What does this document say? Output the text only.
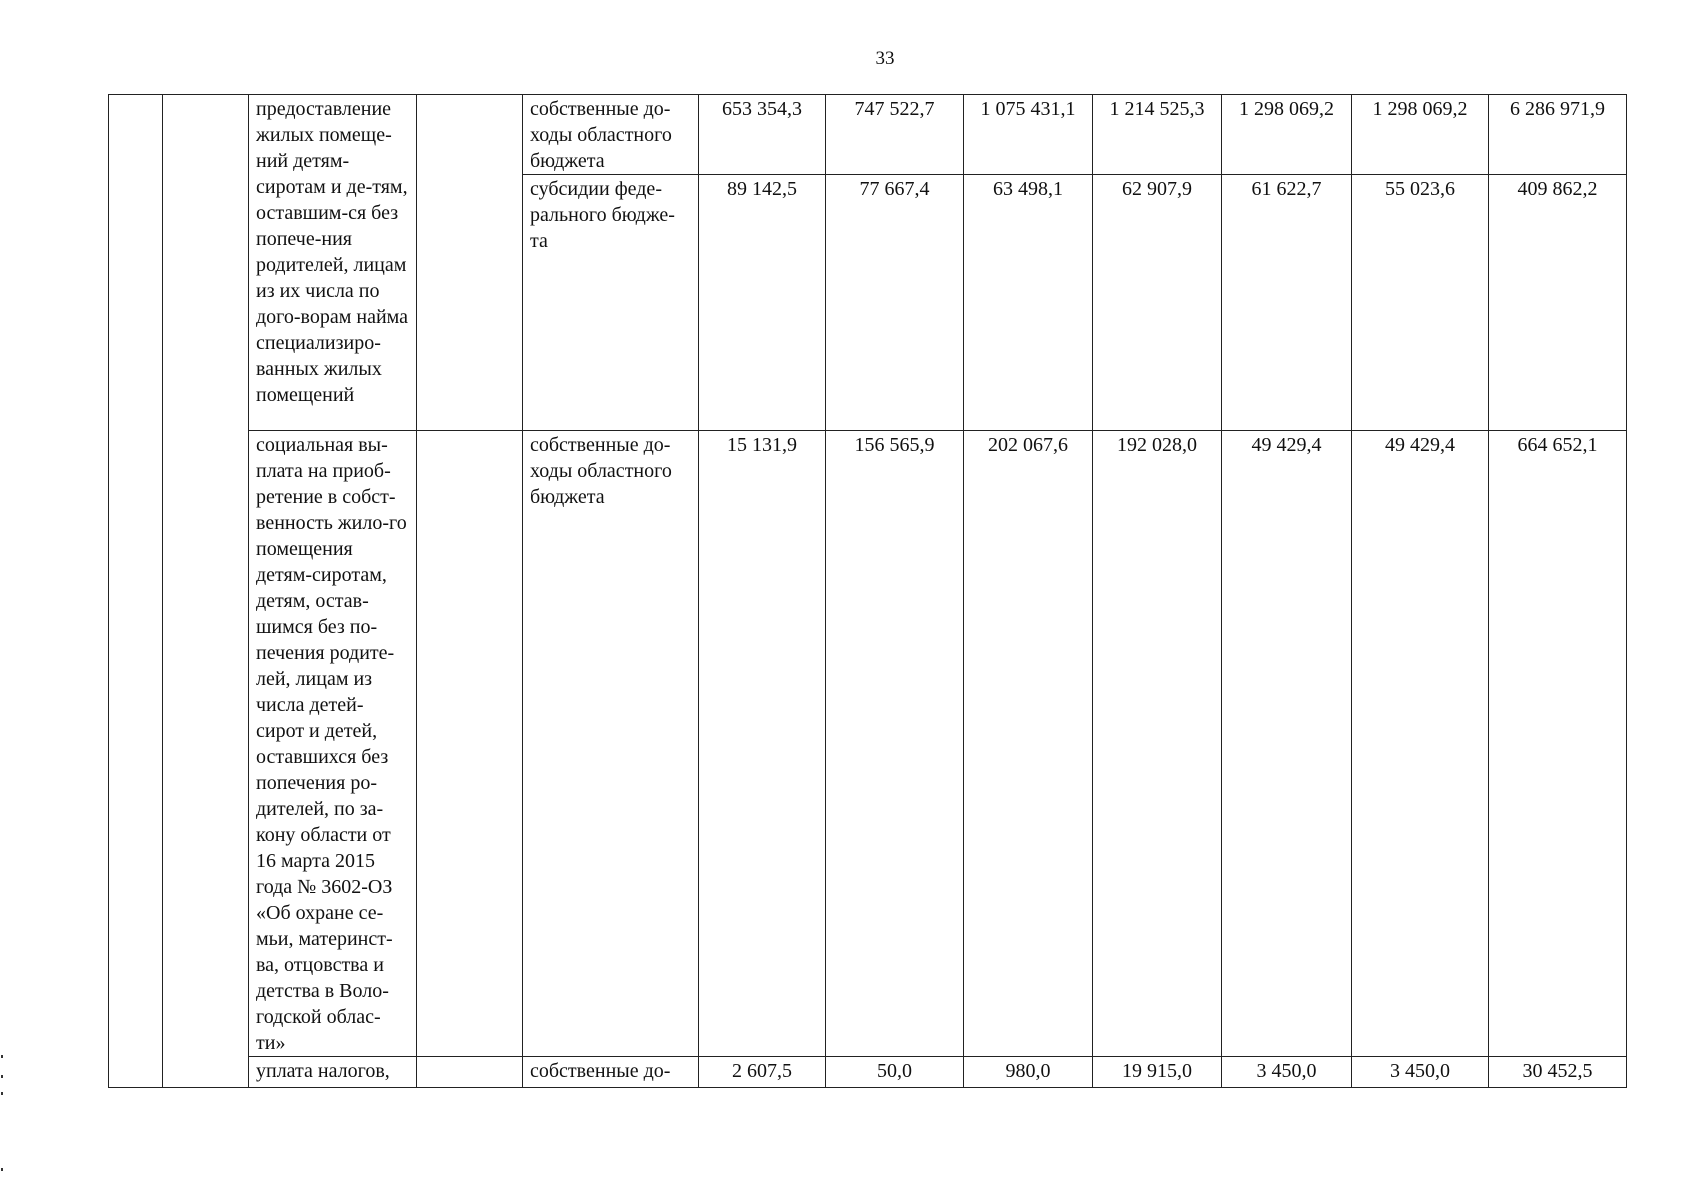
33
		предоставление жилых помеще-ний детям-сиротам и де-тям, оставшим-ся без попече-ния родителей, лицам из их числа по дого-ворам найма специализиро-ванных жилых помещений		собственные до-ходы областного бюджета	653 354,3	747 522,7	1 075 431,1	1 214 525,3	1 298 069,2	1 298 069,2	6 286 971,9
				субсидии феде-рального бюдже-та	89 142,5	77 667,4	63 498,1	62 907,9	61 622,7	55 023,6	409 862,2
		социальная вы-плата на приоб-ретение в собст-венность жило-го помещения детям-сиротам, детям, остав-шимся без по-печения родите-лей, лицам из числа детей-сирот и детей, оставшихся без попечения ро-дителей, по за-кону области от 16 марта 2015 года № 3602-ОЗ «Об охране се-мьи, материнст-ва, отцовства и детства в Воло-годской облас-ти»		собственные до-ходы областного бюджета	15 131,9	156 565,9	202 067,6	192 028,0	49 429,4	49 429,4	664 652,1
		уплата налогов,		собственные до-	2 607,5	50,0	980,0	19 915,0	3 450,0	3 450,0	30 452,5
